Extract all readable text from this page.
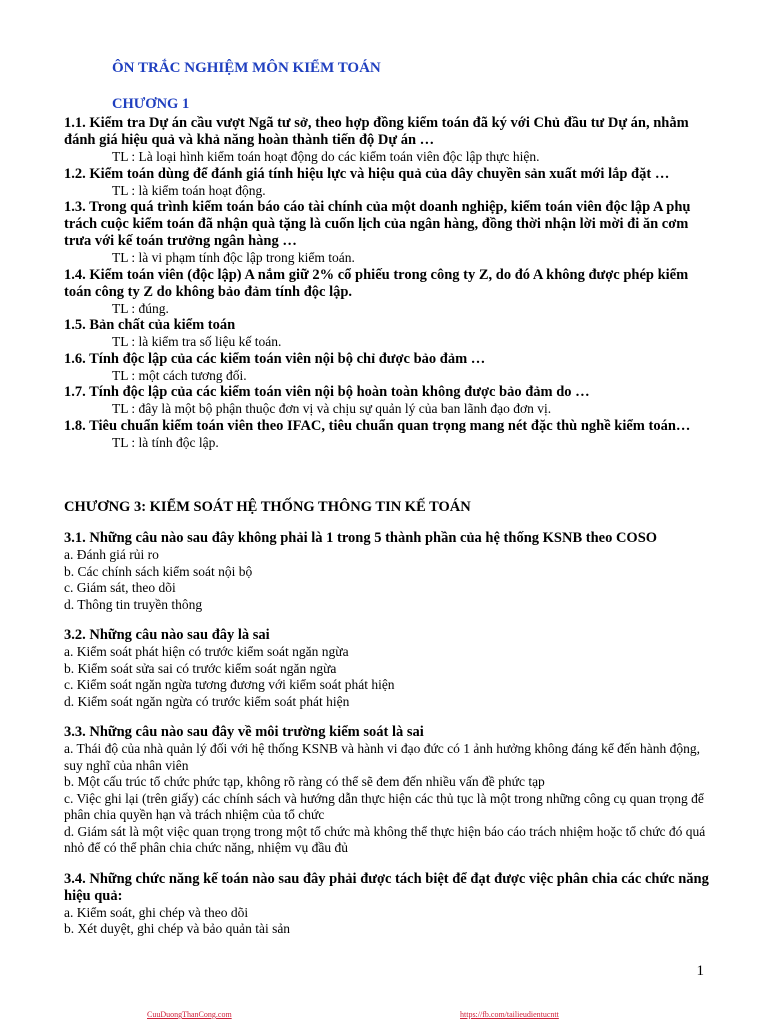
ÔN TRẮC NGHIỆM MÔN KIỂM TOÁN

CHƯƠNG 1

1.1. Kiểm tra Dự án cầu vượt Ngã tư sở, theo hợp đồng kiểm toán đã ký với Chủ đầu tư Dự án, nhằm đánh giá hiệu quả và khả năng hoàn thành tiến độ Dự án …

TL : Là loại hình kiểm toán hoạt động do các kiểm toán viên độc lập thực hiện.

1.2. Kiểm toán dùng để đánh giá tính hiệu lực và hiệu quả của dây chuyền sản xuất mới lắp đặt …

TL : là kiểm toán hoạt động.

1.3. Trong quá trình kiểm toán báo cáo tài chính của một doanh nghiệp, kiểm toán viên độc lập A phụ trách cuộc kiểm toán đã nhận quà tặng là cuốn lịch của ngân hàng, đồng thời nhận lời mời đi ăn cơm trưa với kế toán trưởng ngân hàng …

TL : là vi phạm tính độc lập trong kiểm toán.

1.4. Kiểm toán viên (độc lập) A nắm giữ 2% cổ phiếu trong công ty Z, do đó A không được phép kiểm toán công ty Z do không bảo đảm tính độc lập.

TL : đúng.

1.5. Bản chất của kiểm toán

TL : là kiểm tra số liệu kế toán.

1.6. Tính độc lập của các kiểm toán viên nội bộ chỉ được bảo đảm …

TL : một cách tương đối.

1.7. Tính độc lập của các kiểm toán viên nội bộ hoàn toàn không được bảo đảm do …

TL : đây là một bộ phận thuộc đơn vị và chịu sự quản lý của ban lãnh đạo đơn vị.

1.8. Tiêu chuẩn kiểm toán viên theo IFAC, tiêu chuẩn quan trọng mang nét đặc thù nghề kiểm toán…

TL : là tính độc lập.

CHƯƠNG 3: KIỂM SOÁT HỆ THỐNG THÔNG TIN KẾ TOÁN

3.1. Những câu nào sau đây không phải là 1 trong 5 thành phần của hệ thống KSNB theo COSO

a. Đánh giá rủi ro

b. Các chính sách kiểm soát nội bộ

c. Giám sát, theo dõi

d. Thông tin truyền thông

3.2. Những câu nào sau đây là sai

a. Kiểm soát phát hiện có trước kiểm soát ngăn ngừa

b. Kiểm soát sửa sai có trước kiểm soát ngăn ngừa

c. Kiểm soát ngăn ngừa tương đương với kiểm soát phát hiện

d. Kiểm soát ngăn ngừa có trước kiểm soát phát hiện

3.3. Những câu nào sau đây về môi trường kiểm soát là sai

a. Thái độ của nhà quản lý đối với hệ thống KSNB và hành vi đạo đức có 1 ảnh hưởng không đáng kể đến hành động, suy nghĩ của nhân viên

b. Một cấu trúc tổ chức phức tạp, không rõ ràng có thể sẽ đem đến nhiều vấn đề phức tạp

c. Việc ghi lại (trên giấy) các chính sách và hướng dẫn thực hiện các thủ tục là một trong những công cụ quan trọng để phân chia quyền hạn và trách nhiệm của tổ chức

d. Giám sát là một việc quan trọng trong một tổ chức mà không thể thực hiện báo cáo trách nhiệm hoặc tổ chức đó quá nhỏ để có thể phân chia chức năng, nhiệm vụ đầu đủ

3.4. Những chức năng kế toán nào sau đây phải được tách biệt để đạt được việc phân chia các chức năng hiệu quả:

a. Kiểm soát, ghi chép và theo dõi

b. Xét duyệt, ghi chép và bảo quản tài sản

1
CuuDuongThanCong.com	https://fb.com/tailieudientucntt
